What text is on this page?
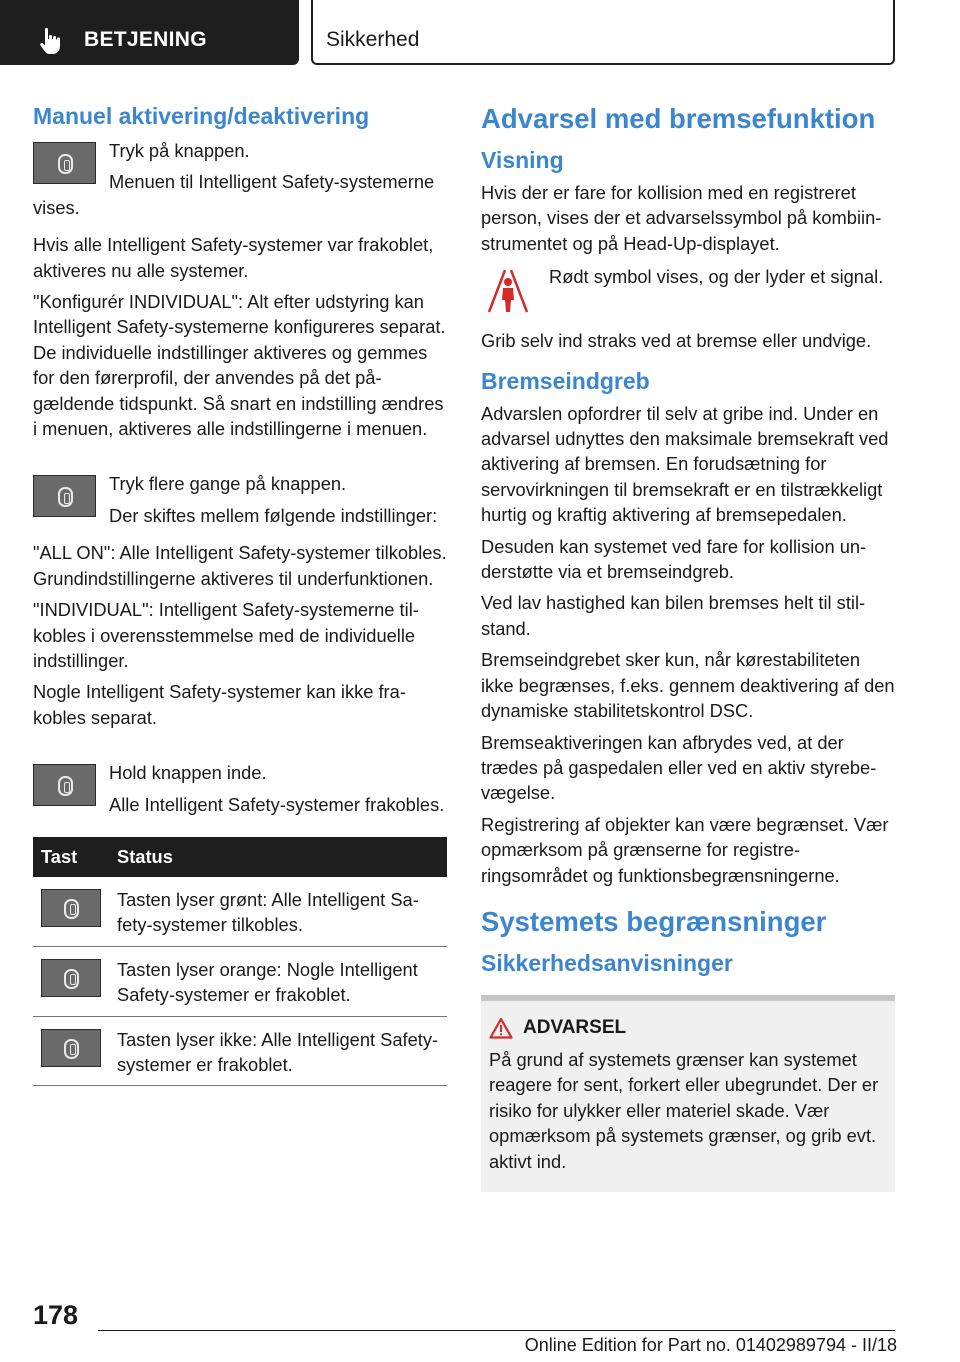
BETJENING	Sikkerhed
Manuel aktivering/deaktivering

Tryk på knappen.

Menuen til Intelligent Safety-systemerne vises.

Hvis alle Intelligent Safety-systemer var frakoblet, aktiveres nu alle systemer.

"Konfigurér INDIVIDUAL": Alt efter udstyring kan Intelligent Safety-systemerne konfigureres separat. De individuelle indstillinger aktiveres og gemmes for den førerprofil, der anvendes på det pågældende tidspunkt. Så snart en indstilling ændres i menuen, aktiveres alle indstillingerne i menuen.

Tryk flere gange på knappen.

Der skiftes mellem følgende indstillinger:

"ALL ON": Alle Intelligent Safety-systemer tilkobles. Grundindstillingerne aktiveres til underfunktionen.

"INDIVIDUAL": Intelligent Safety-systemerne tilkobles i overensstemmelse med de individuelle indstillinger.

Nogle Intelligent Safety-systemer kan ikke frakobles separat.

Hold knappen inde.

Alle Intelligent Safety-systemer frakobles.

Tast	Status

	Tasten lyser grønt: Alle Intelligent Safety-systemer tilkobles.

	Tasten lyser orange: Nogle Intelligent Safety-systemer er frakoblet.

	Tasten lyser ikke: Alle Intelligent Safety-systemer er frakoblet.
Advarsel med bremsefunktion
Visning

Hvis der er fare for kollision med en registreret person, vises der et advarselssymbol på kombiinstrumentet og på Head-Up-displayet.

Rødt symbol vises, og der lyder et signal.

Grib selv ind straks ved at bremse eller undvige.

Bremseindgreb

Advarslen opfordrer til selv at gribe ind. Under en advarsel udnyttes den maksimale bremsekraft ved aktivering af bremsen. En forudsætning for servovirkningen til bremsekraft er en tilstrækkeligt hurtig og kraftig aktivering af bremsepedalen.

Desuden kan systemet ved fare for kollision understøtte via et bremseindgreb.

Ved lav hastighed kan bilen bremses helt til stilstand.

Bremseindgrebet sker kun, når kørestabiliteten ikke begrænses, f.eks. gennem deaktivering af den dynamiske stabilitetskontrol DSC.

Bremseaktiveringen kan afbrydes ved, at der trædes på gaspedalen eller ved en aktiv styrebevægelse.

Registrering af objekter kan være begrænset. Vær opmærksom på grænserne for registreringsområdet og funktionsbegrænsningerne.

Systemets begrænsninger
Sikkerhedsanvisninger
ADVARSEL

På grund af systemets grænser kan systemet reagere for sent, forkert eller ubegrundet. Der er risiko for ulykker eller materiel skade. Vær opmærksom på systemets grænser, og grib evt. aktivt ind.

178
Online Edition for Part no. 01402989794 - II/18
